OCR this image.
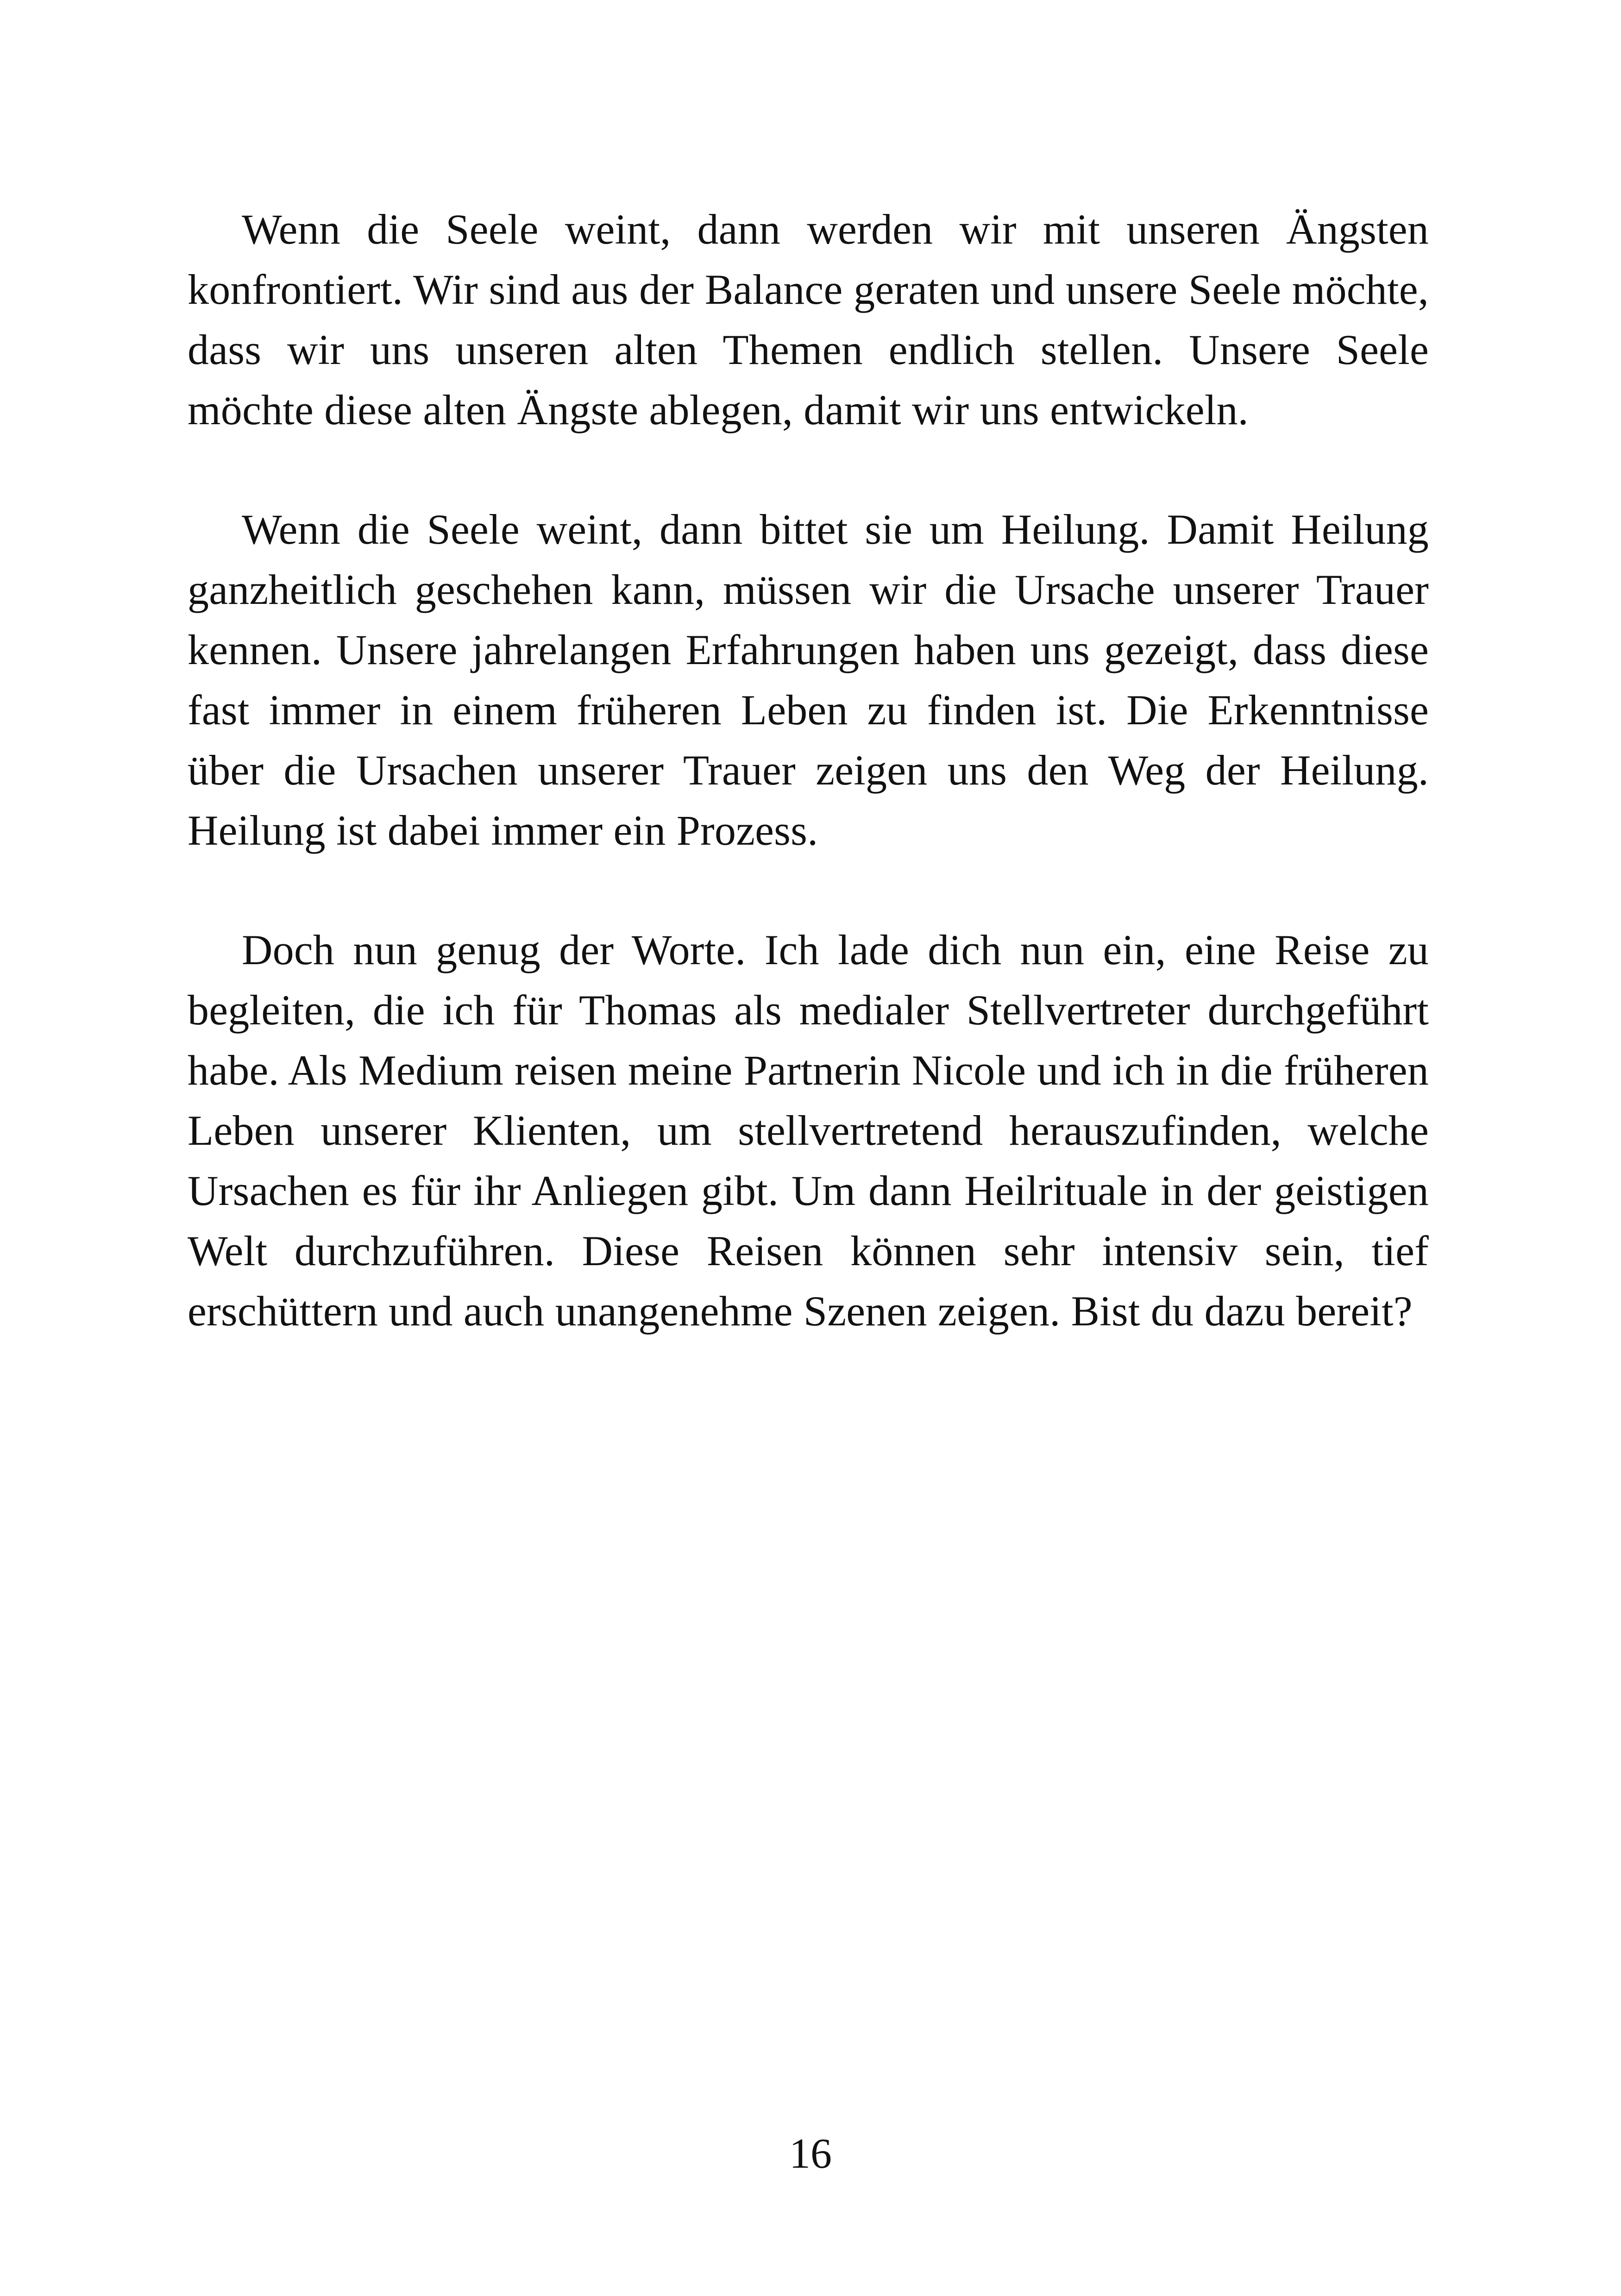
Wenn die Seele weint, dann werden wir mit unseren Ängsten konfrontiert. Wir sind aus der Balance geraten und unsere Seele möchte, dass wir uns unseren alten Themen endlich stellen. Unsere Seele möchte diese alten Ängste ablegen, damit wir uns entwickeln.

Wenn die Seele weint, dann bittet sie um Heilung. Damit Heilung ganzheitlich geschehen kann, müssen wir die Ursache unserer Trauer kennen. Unsere jahrelangen Erfahrungen haben uns gezeigt, dass diese fast immer in einem früheren Leben zu finden ist. Die Erkenntnisse über die Ursachen unserer Trauer zeigen uns den Weg der Heilung. Heilung ist dabei immer ein Prozess.

Doch nun genug der Worte. Ich lade dich nun ein, eine Reise zu begleiten, die ich für Thomas als medialer Stellvertreter durchgeführt habe. Als Medium reisen meine Partnerin Nicole und ich in die früheren Leben unserer Klienten, um stellvertretend herauszufinden, welche Ursachen es für ihr Anliegen gibt. Um dann Heilrituale in der geistigen Welt durchzuführen. Diese Reisen können sehr intensiv sein, tief erschüttern und auch unangenehme Szenen zeigen. Bist du dazu bereit?

16
